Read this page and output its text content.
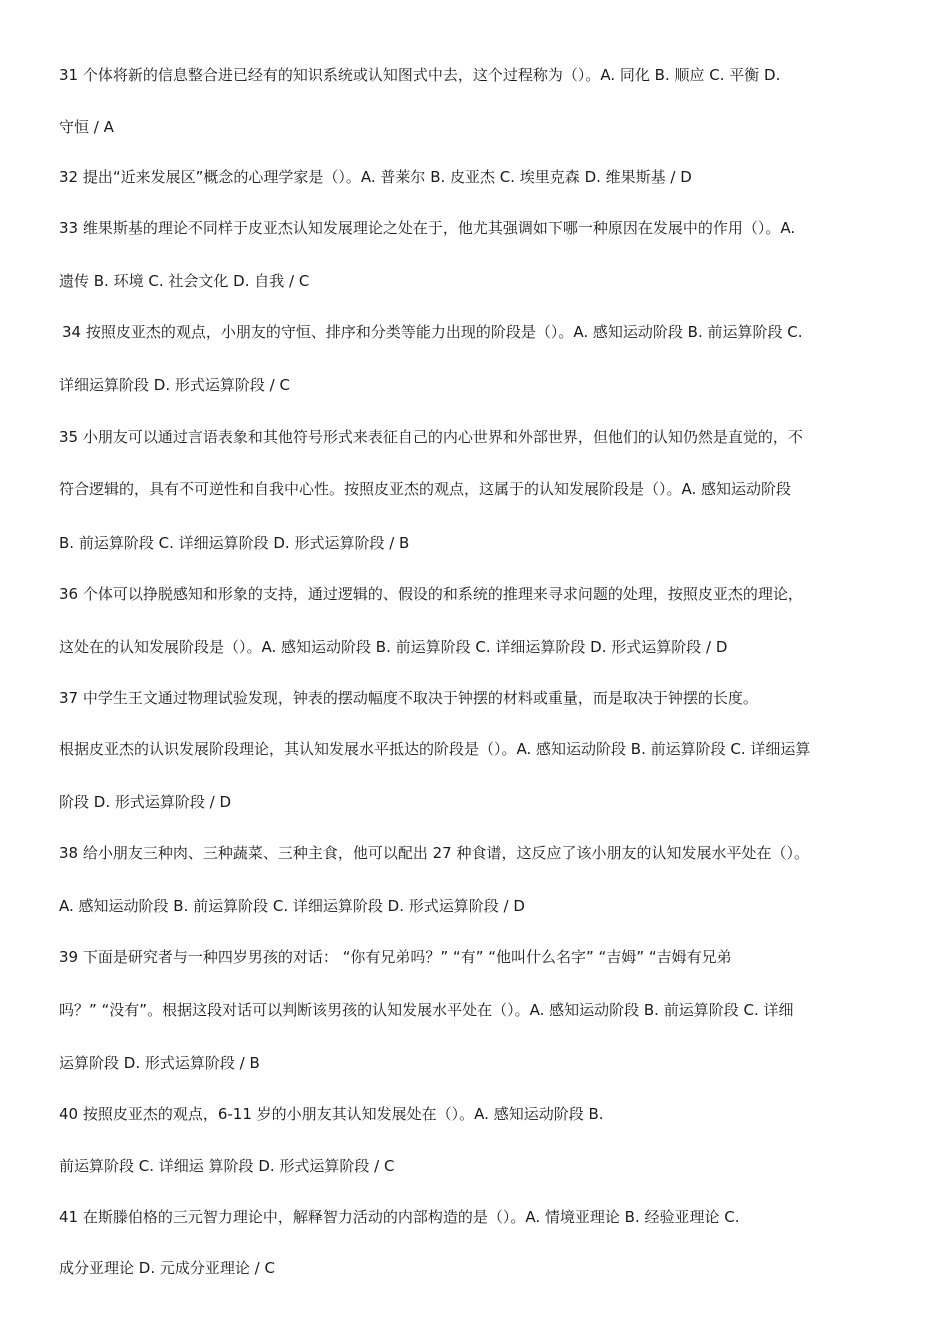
31 个体将新的信息整合进已经有的知识系统或认知图式中去，这个过程称为（）。A. 同化 B. 顺应 C. 平衡 D.
守恒 / A
32 提出“近来发展区”概念的心理学家是（）。A. 普莱尔 B. 皮亚杰 C. 埃里克森 D. 维果斯基 / D
33 维果斯基的理论不同样于皮亚杰认知发展理论之处在于，他尤其强调如下哪一种原因在发展中的作用（）。A.
遗传 B. 环境 C. 社会文化 D. 自我 / C
34 按照皮亚杰的观点，小朋友的守恒、排序和分类等能力出现的阶段是（）。A. 感知运动阶段 B. 前运算阶段 C.
详细运算阶段 D. 形式运算阶段 / C
35 小朋友可以通过言语表象和其他符号形式来表征自己的内心世界和外部世界，但他们的认知仍然是直觉的，不
符合逻辑的，具有不可逆性和自我中心性。按照皮亚杰的观点，这属于的认知发展阶段是（）。A. 感知运动阶段
B. 前运算阶段 C. 详细运算阶段 D. 形式运算阶段 / B
36 个体可以挣脱感知和形象的支持，通过逻辑的、假设的和系统的推理来寻求问题的处理，按照皮亚杰的理论，
这处在的认知发展阶段是（）。A. 感知运动阶段 B. 前运算阶段 C. 详细运算阶段 D. 形式运算阶段 / D
37 中学生王文通过物理试验发现，钟表的摆动幅度不取决于钟摆的材料或重量，而是取决于钟摆的长度。
根据皮亚杰的认识发展阶段理论，其认知发展水平抵达的阶段是（）。A. 感知运动阶段 B. 前运算阶段 C. 详细运算
阶段 D. 形式运算阶段 / D
38 给小朋友三种肉、三种蔬菜、三种主食，他可以配出 27 种食谱，这反应了该小朋友的认知发展水平处在（）。
A. 感知运动阶段 B. 前运算阶段 C. 详细运算阶段 D. 形式运算阶段 / D
39 下面是研究者与一种四岁男孩的对话： “你有兄弟吗？” “有” “他叫什么名字” “吉姆” “吉姆有兄弟
吗？” “没有”。根据这段对话可以判断该男孩的认知发展水平处在（）。A. 感知运动阶段 B. 前运算阶段 C. 详细
运算阶段 D. 形式运算阶段 / B
40 按照皮亚杰的观点，6-11 岁的小朋友其认知发展处在（）。A. 感知运动阶段 B.
前运算阶段 C. 详细运 算阶段 D. 形式运算阶段 / C
41 在斯滕伯格的三元智力理论中，解释智力活动的内部构造的是（）。A. 情境亚理论 B. 经验亚理论 C.
成分亚理论 D. 元成分亚理论 / C
